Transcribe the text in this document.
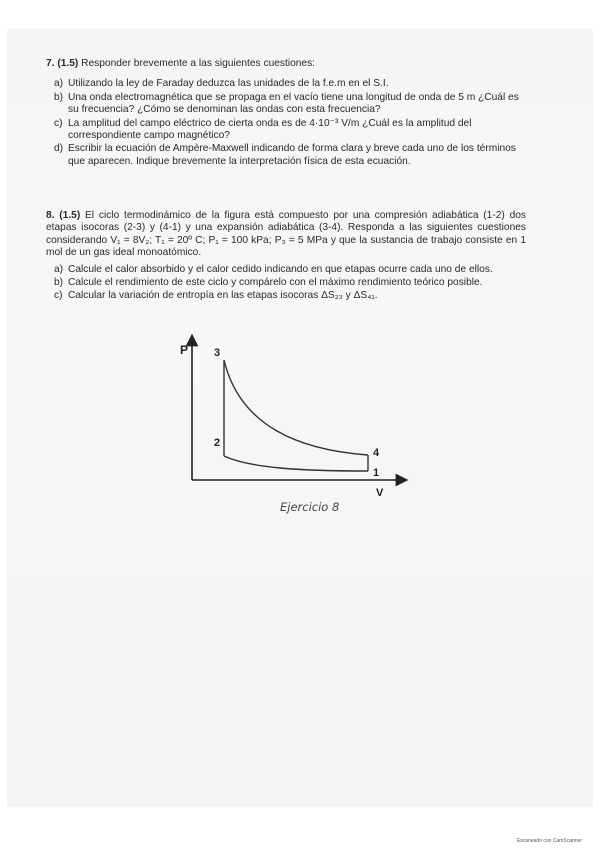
7. (1.5) Responder brevemente a las siguientes cuestiones:

a) Utilizando la ley de Faraday deduzca las unidades de la f.e.m en el S.I.
b) Una onda electromagnética que se propaga en el vacío tiene una longitud de onda de 5 m ¿Cuál es su frecuencia? ¿Cómo se denominan las ondas con esta frecuencia?
c) La amplitud del campo eléctrico de cierta onda es de 4·10⁻³ V/m ¿Cuál es la amplitud del correspondiente campo magnético?
d) Escribir la ecuación de Ampère-Maxwell indicando de forma clara y breve cada uno de los términos que aparecen. Indique brevemente la interpretación física de esta ecuación.

8. (1.5) El ciclo termodinámico de la figura está compuesto por una compresión adiabática (1-2) dos etapas isocoras (2-3) y (4-1) y una expansión adiabática (3-4). Responda a las siguientes cuestiones considerando V₁ = 8V₂; T₁ = 20º C; P₁ = 100 kPa; P₃ = 5 MPa y que la sustancia de trabajo consiste en 1 mol de un gas ideal monoatómico.

a) Calcule el calor absorbido y el calor cedido indicando en que etapas ocurre cada uno de ellos.
b) Calcule el rendimiento de este ciclo y compárelo con el máximo rendimiento teórico posible.
c) Calcular la variación de entropía en las etapas isocoras ΔS₂₃ y ΔS₄₁.
P
V
3
2
4
1
Ejercicio 8
Escaneado con CamScanner
